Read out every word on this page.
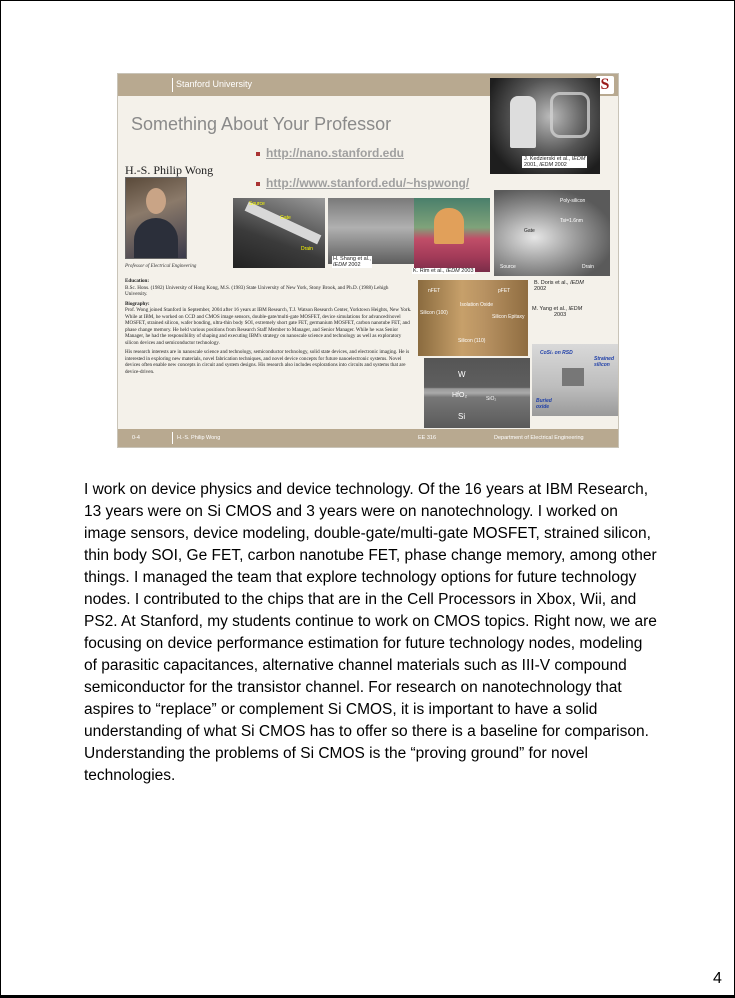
Stanford University	S
Something About Your Professor
http://nano.stanford.edu
http://www.stanford.edu/~hspwong/
H.-S. Philip Wong
Professor of Electrical Engineering

Education:
B.Sc. Hons. (1982) University of Hong Kong, M.S. (1983) State University of New York, Stony Brook, and Ph.D. (1988) Lehigh University.

Biography:
Prof. Wong joined Stanford in September, 2004 after 16 years at IBM Research, T.J. Watson Research Center, Yorktown Heights, New York. While at IBM, he worked on CCD and CMOS image sensors, double-gate/multi-gate MOSFET, device simulations for advanced/novel MOSFET, strained silicon, wafer bonding, ultra-thin body SOI, extremely short gate FET, germanium MOSFET, carbon nanotube FET, and phase change memory. He held various positions from Research Staff Member to Manager, and Senior Manager. While he was Senior Manager, he had the responsibility of shaping and executing IBM's strategy on nanoscale science and technology as well as exploratory silicon devices and semiconductor technology.

His research interests are in nanoscale science and technology, semiconductor technology, solid state devices, and electronic imaging. He is interested in exploring new materials, novel fabrication techniques, and novel device concepts for future nanoelectronic systems. Novel devices often enable new concepts in circuit and system designs. His research also includes explorations into circuits and systems that are device-driven.

J. Kedzierski et al., IEDM
2001, IEDM 2002
Source
Gate
Drain
H. Shang et al.,
IEDM 2002
K. Rim et al., IEDM 2003
Poly-silicon
Tsi=1.6nm
Gate
Source	Drain
nFET	pFET
Isolation Oxide
Silicon (100)
Silicon Epitaxy
Silicon (110)
B. Doris et al., IEDM
2002
M. Yang et al., IEDM
2003
W
HfO₂	SiO₂
Si
CoSi₂ on RSD
Strained silicon
Buried oxide
0-4	H.-S. Philip Wong	EE 316	Department of Electrical Engineering

I work on device physics and device technology. Of the 16 years at IBM Research, 13 years were on Si CMOS and 3 years were on nanotechnology. I worked on image sensors, device modeling, double-gate/multi-gate MOSFET, strained silicon, thin body SOI, Ge FET, carbon nanotube FET, phase change memory, among other things. I managed the team that explore technology options for future technology nodes. I contributed to the chips that are in the Cell Processors in Xbox, Wii, and PS2. At Stanford, my students continue to work on CMOS topics. Right now, we are focusing on device performance estimation for future technology nodes, modeling of parasitic capacitances, alternative channel materials such as III-V compound semiconductor for the transistor channel. For research on nanotechnology that aspires to “replace” or complement Si CMOS, it is important to have a solid understanding of what Si CMOS has to offer so there is a baseline for comparison. Understanding the problems of Si CMOS is the “proving ground” for novel technologies.

4
